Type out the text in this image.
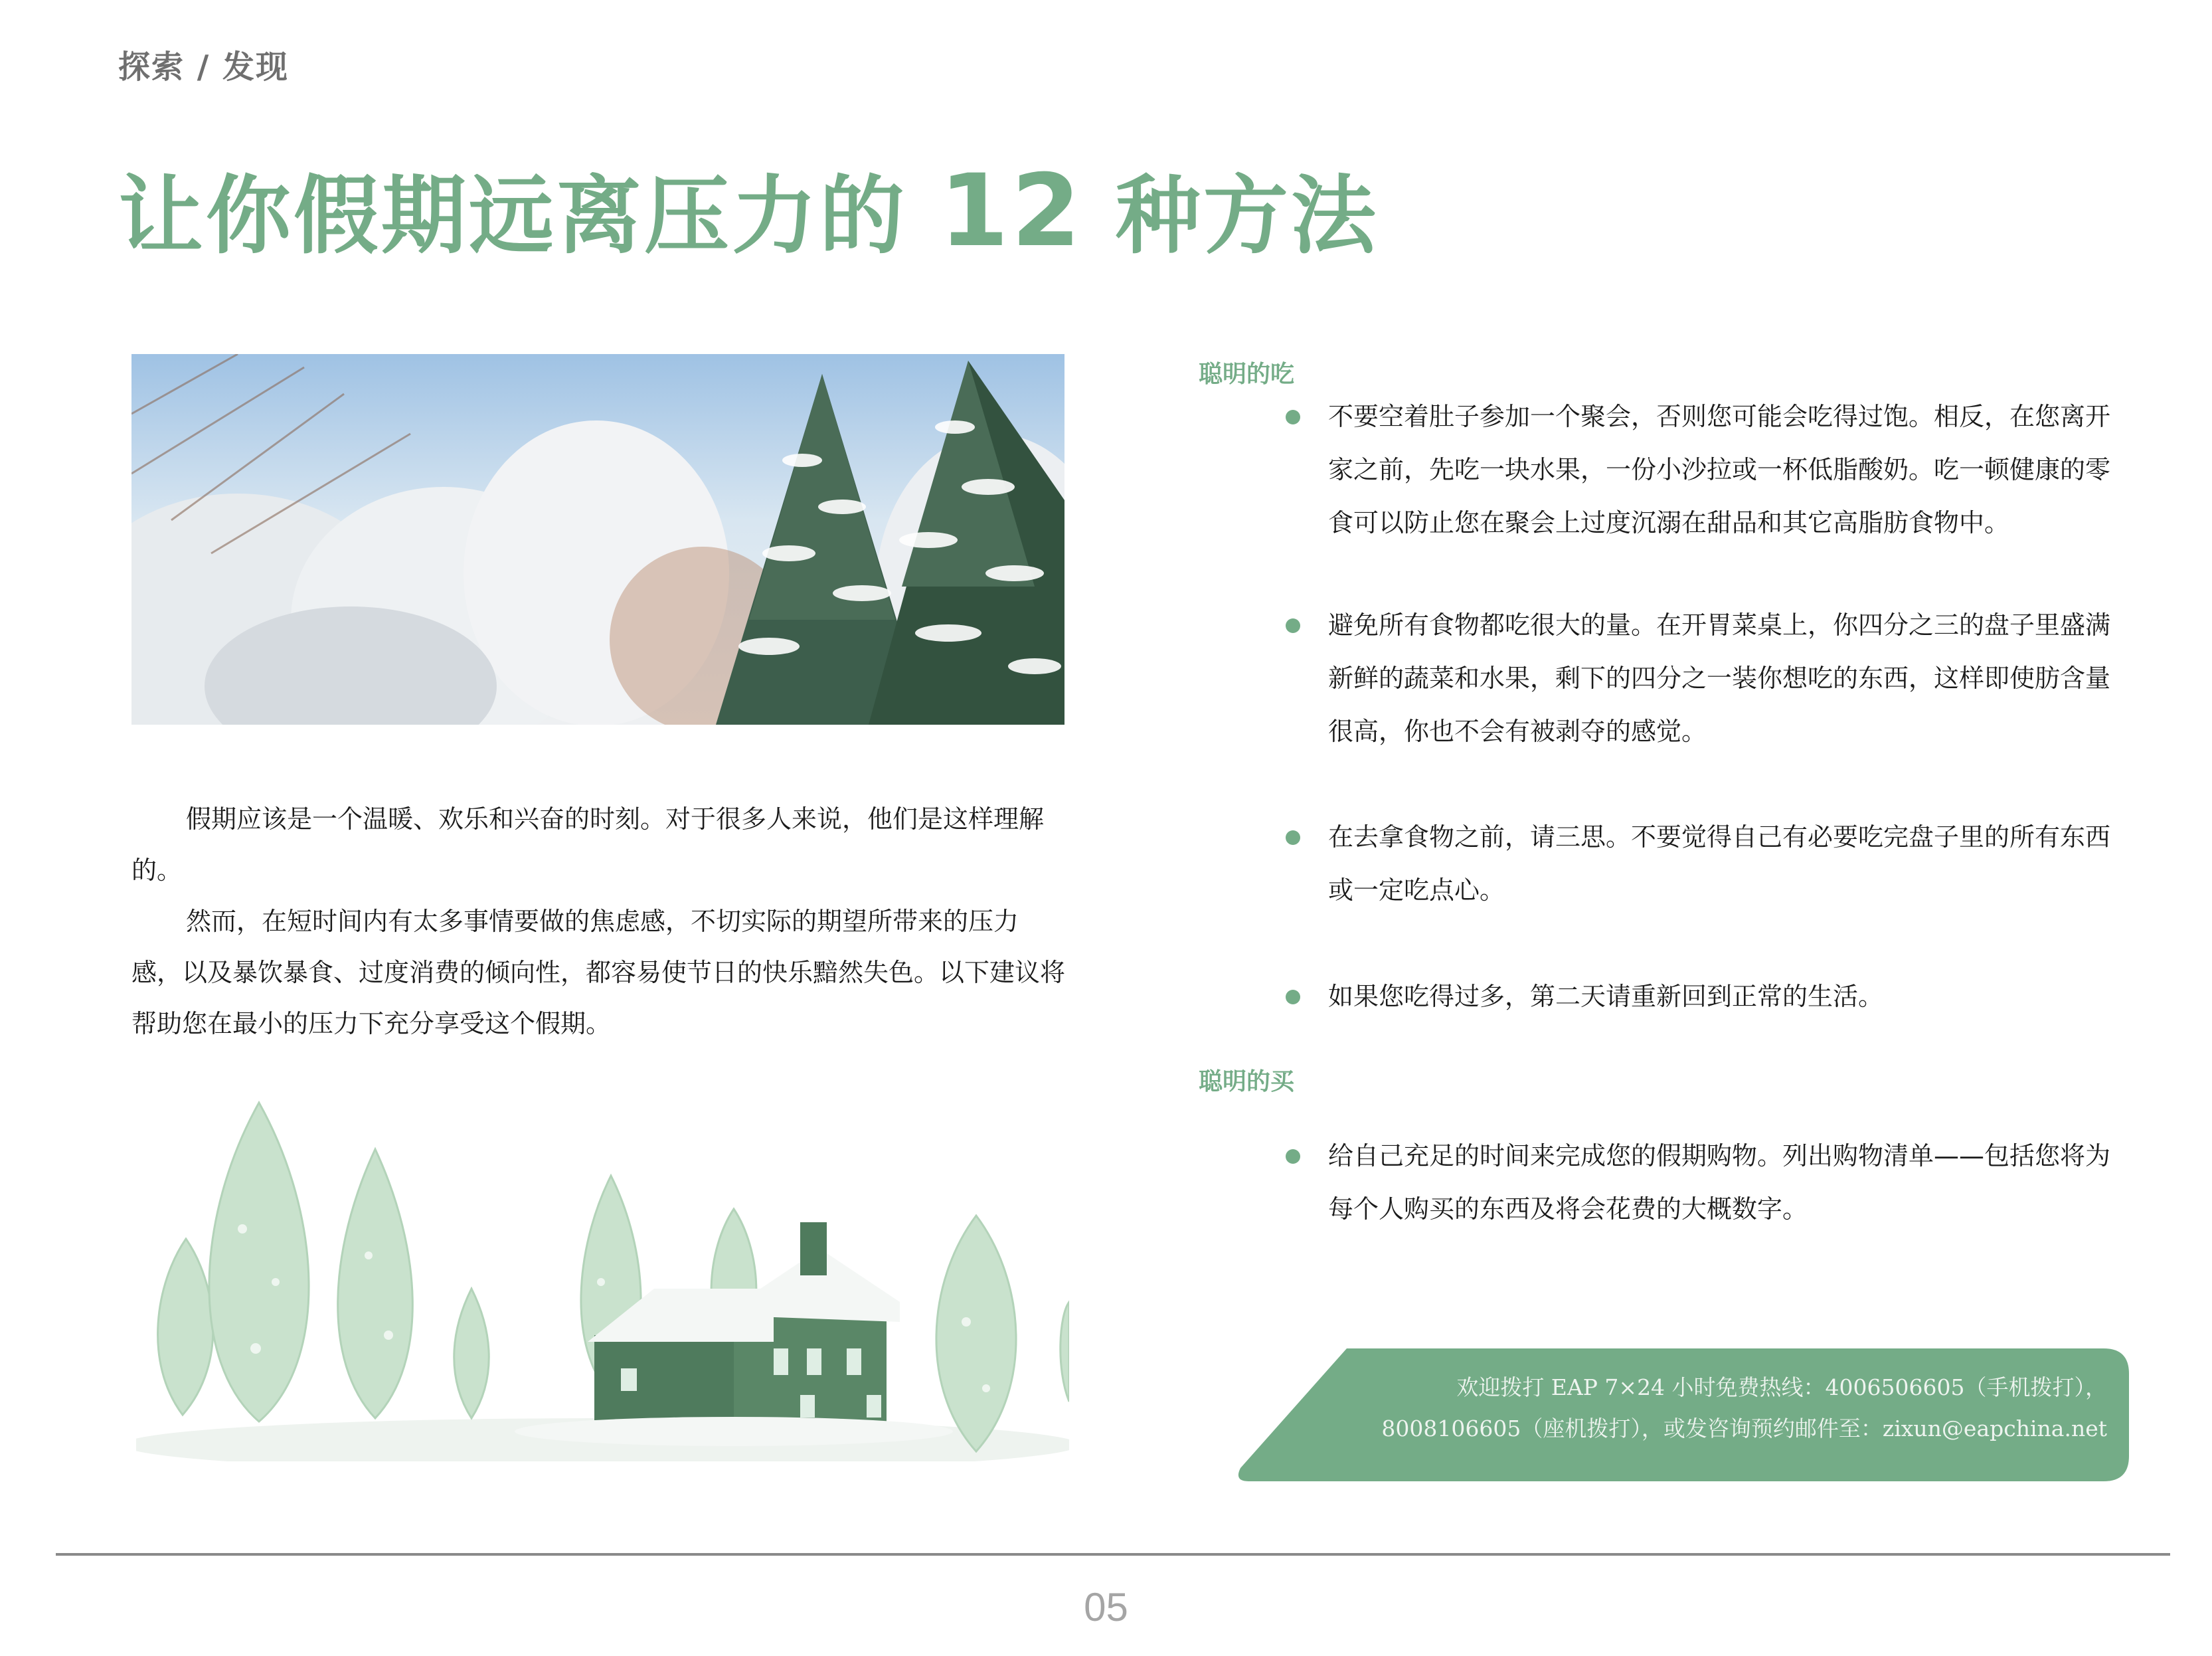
探索 / 发现
让你假期远离压力的 12 种方法

假期应该是一个温暖、欢乐和兴奋的时刻。对于很多人来说，他们是这样理解的。

然而，在短时间内有太多事情要做的焦虑感，不切实际的期望所带来的压力感，以及暴饮暴食、过度消费的倾向性，都容易使节日的快乐黯然失色。以下建议将帮助您在最小的压力下充分享受这个假期。

聪明的吃

不要空着肚子参加一个聚会，否则您可能会吃得过饱。相反，在您离开家之前，先吃一块水果，一份小沙拉或一杯低脂酸奶。吃一顿健康的零食可以防止您在聚会上过度沉溺在甜品和其它高脂肪食物中。

避免所有食物都吃很大的量。在开胃菜桌上，你四分之三的盘子里盛满新鲜的蔬菜和水果，剩下的四分之一装你想吃的东西，这样即使肪含量很高，你也不会有被剥夺的感觉。

在去拿食物之前，请三思。不要觉得自己有必要吃完盘子里的所有东西或一定吃点心。

如果您吃得过多，第二天请重新回到正常的生活。

聪明的买

给自己充足的时间来完成您的假期购物。列出购物清单——包括您将为每个人购买的东西及将会花费的大概数字。

欢迎拨打 EAP 7×24 小时免费热线：4006506605（手机拨打），
8008106605（座机拨打），或发咨询预约邮件至：zixun@eapchina.net
05
